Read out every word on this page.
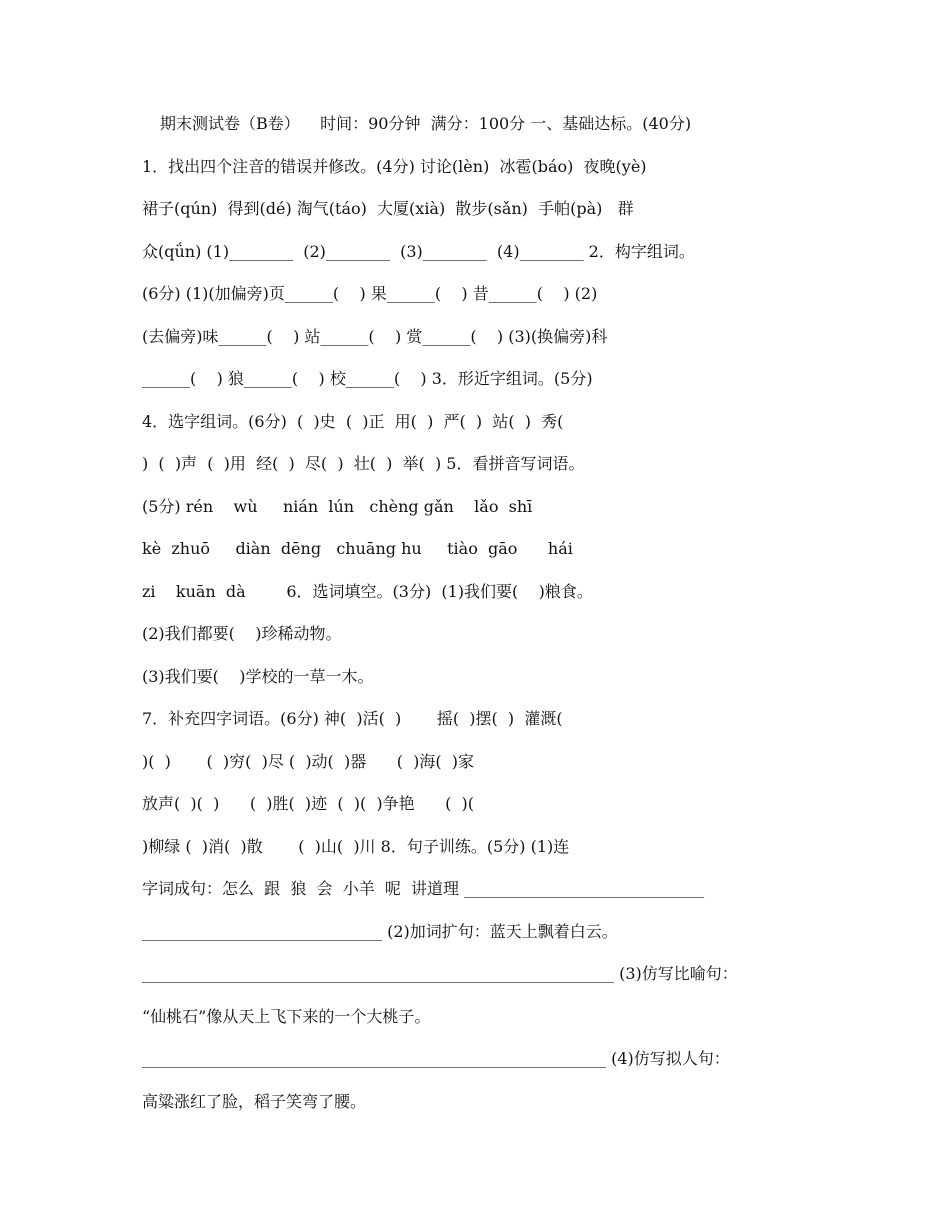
期末测试卷（B卷）    时间：90分钟  满分：100分 一、基础达标。(40分)
1．找出四个注音的错误并修改。(4分) 讨论(lèn)  冰雹(báo)  夜晚(yè)
裙子(qún)  得到(dé) 淘气(táo)  大厦(xià)  散步(sǎn)  手帕(pà)   群
众(qǘn) (1)________  (2)________  (3)________  (4)________ 2．构字组词。
(6分) (1)(加偏旁)页______(    ) 果______(    ) 昔______(    ) (2)
(去偏旁)味______(    ) 站______(    ) 赏______(    ) (3)(换偏旁)科
______(    ) 狼______(    ) 校______(    ) 3．形近字组词。(5分)
4．选字组词。(6分)  (  )史  (  )正  用(  )  严(  )  站(  )  秀(
)  (  )声  (  )用  经(  )  尽(  )  壮(  )  举(  ) 5．看拼音写词语。
(5分) rén    wù     nián  lún   chèng gǎn    lǎo  shī
kè  zhuō     diàn  dēng   chuāng hu     tiào  gāo      hái
zi    kuān  dà        6．选词填空。(3分)  (1)我们要(    )粮食。
(2)我们都要(    )珍稀动物。
(3)我们要(    )学校的一草一木。
7．补充四字词语。(6分) 神(  )活(  )       摇(  )摆(  )  灌溉(
)(  )       (  )穷(  )尽 (  )动(  )器      (  )海(  )家
放声(  )(  )      (  )胜(  )迹  (  )(  )争艳      (  )(
)柳绿 (  )消(  )散       (  )山(  )川 8．句子训练。(5分) (1)连
字词成句：怎么  跟  狼  会  小羊  呢  讲道理 ______________________________
______________________________ (2)加词扩句：蓝天上飘着白云。
___________________________________________________________ (3)仿写比喻句：
“仙桃石”像从天上飞下来的一个大桃子。
__________________________________________________________ (4)仿写拟人句：
高粱涨红了脸，稻子笑弯了腰。
